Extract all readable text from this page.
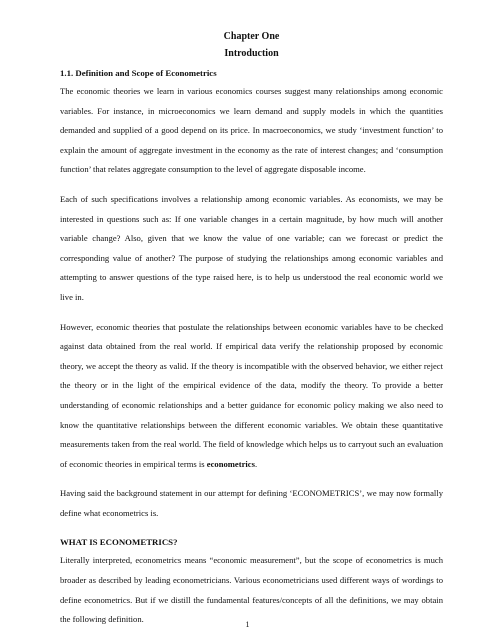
Chapter One
Introduction
1.1. Definition and Scope of Econometrics

The economic theories we learn in various economics courses suggest many relationships among economic variables. For instance, in microeconomics we learn demand and supply models in which the quantities demanded and supplied of a good depend on its price. In macroeconomics, we study ‘investment function’ to explain the amount of aggregate investment in the economy as the rate of interest changes; and ‘consumption function’ that relates aggregate consumption to the level of aggregate disposable income.

Each of such specifications involves a relationship among economic variables. As economists, we may be interested in questions such as: If one variable changes in a certain magnitude, by how much will another variable change? Also, given that we know the value of one variable; can we forecast or predict the corresponding value of another? The purpose of studying the relationships among economic variables and attempting to answer questions of the type raised here, is to help us understood the real economic world we live in.

However, economic theories that postulate the relationships between economic variables have to be checked against data obtained from the real world. If empirical data verify the relationship proposed by economic theory, we accept the theory as valid. If the theory is incompatible with the observed behavior, we either reject the theory or in the light of the empirical evidence of the data, modify the theory. To provide a better understanding of economic relationships and a better guidance for economic policy making we also need to know the quantitative relationships between the different economic variables. We obtain these quantitative measurements taken from the real world. The field of knowledge which helps us to carryout such an evaluation of economic theories in empirical terms is econometrics.

Having said the background statement in our attempt for defining ‘ECONOMETRICS’, we may now formally define what econometrics is.

WHAT IS ECONOMETRICS?

Literally interpreted, econometrics means “economic measurement”, but the scope of econometrics is much broader as described by leading econometricians. Various econometricians used different ways of wordings to define econometrics. But if we distill the fundamental features/concepts of all the definitions, we may obtain the following definition.

1
